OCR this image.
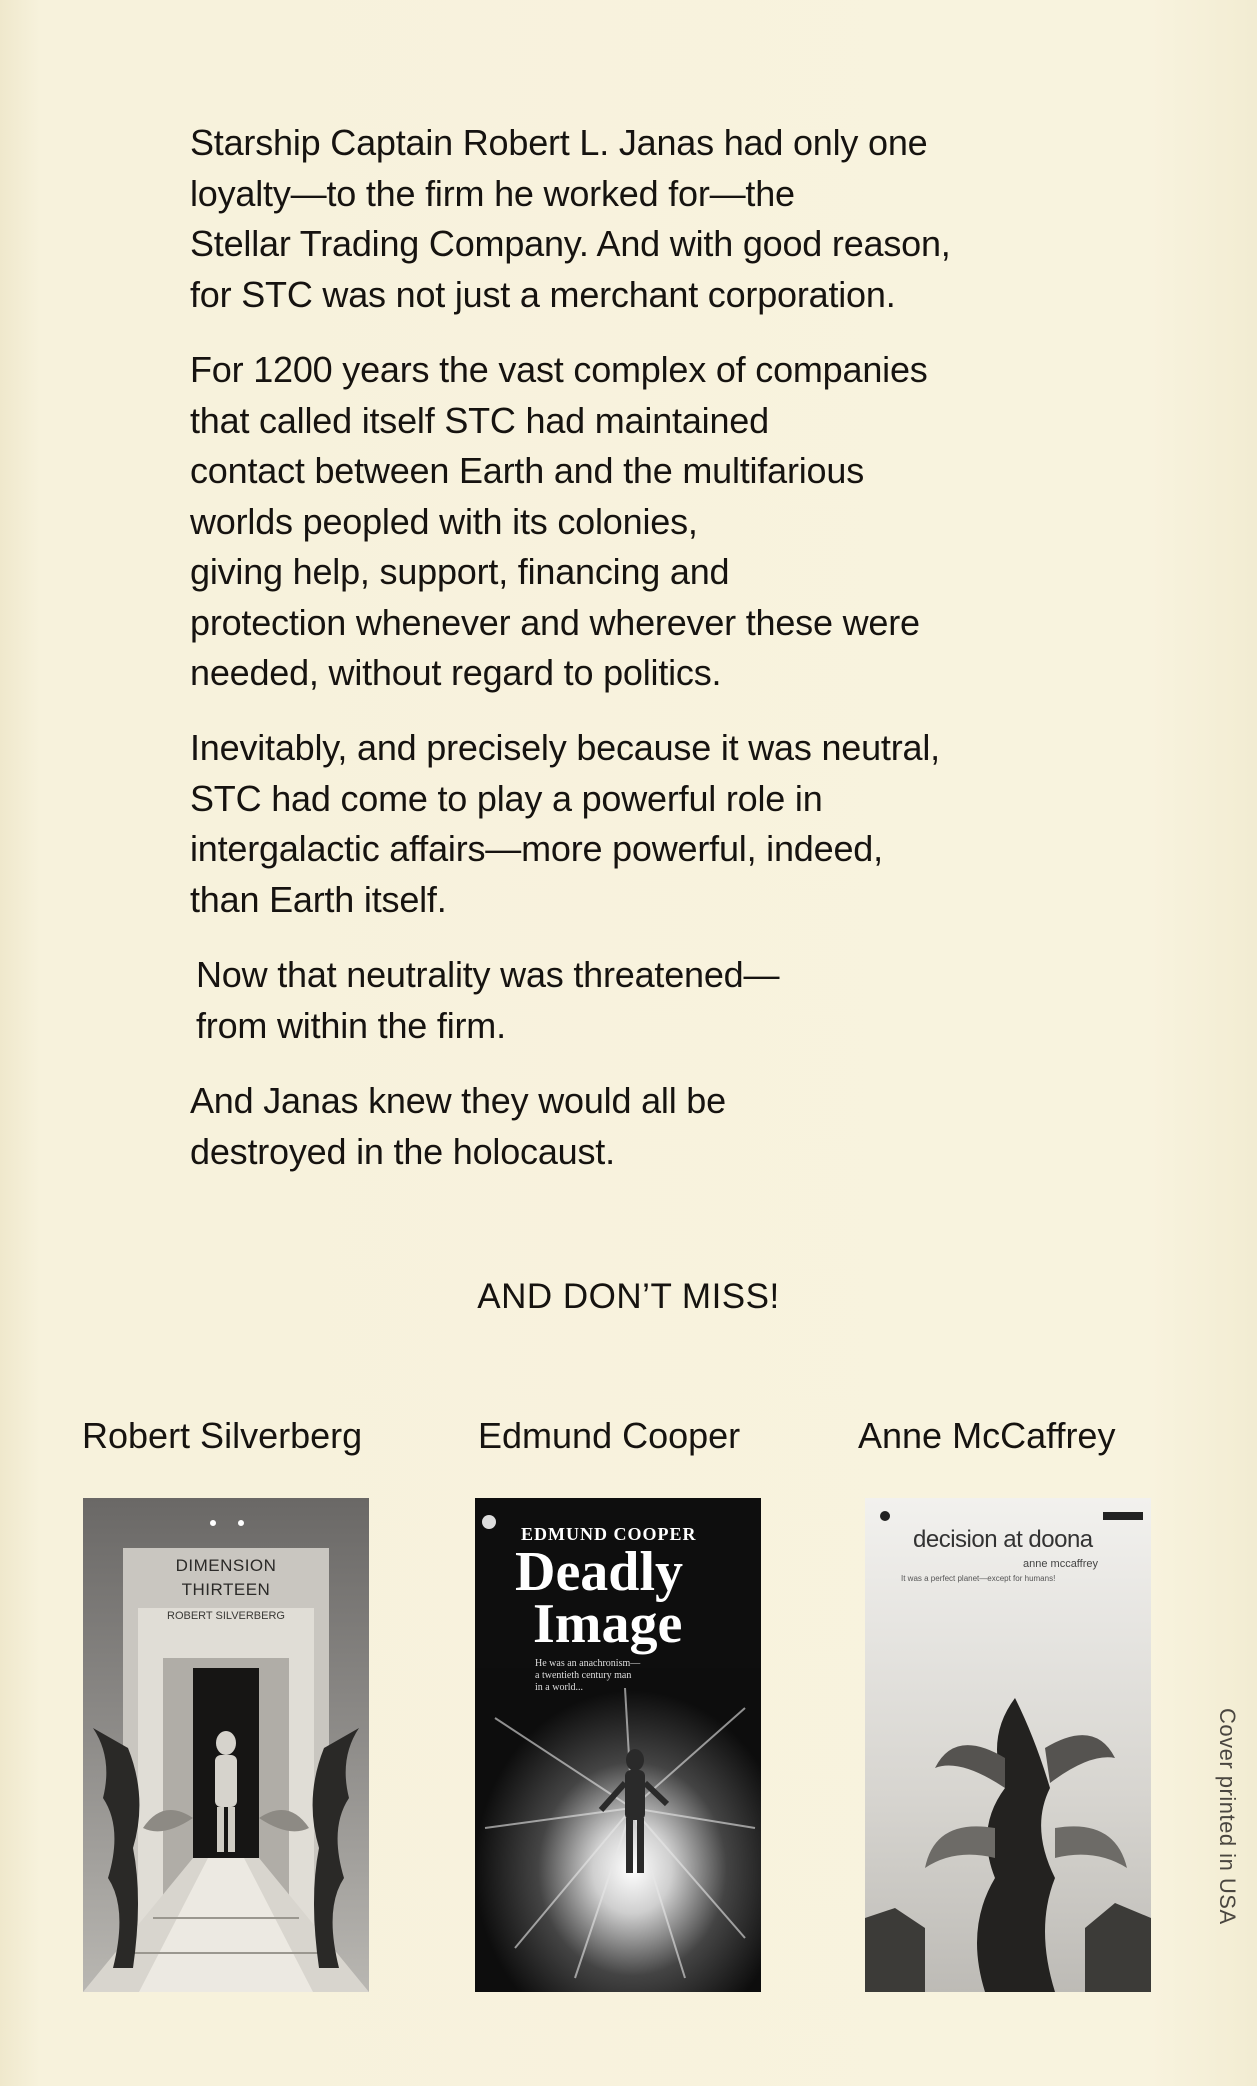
Starship Captain Robert L. Janas had only one
loyalty—to the firm he worked for—the
Stellar Trading Company. And with good reason,
for STC was not just a merchant corporation.
For 1200 years the vast complex of companies
that called itself STC had maintained
contact between Earth and the multifarious
worlds peopled with its colonies,
giving help, support, financing and
protection whenever and wherever these were
needed, without regard to politics.
Inevitably, and precisely because it was neutral,
STC had come to play a powerful role in
intergalactic affairs—more powerful, indeed,
than Earth itself.
Now that neutrality was threatened—
from within the firm.
And Janas knew they would all be
destroyed in the holocaust.
AND DON’T MISS!
Robert Silverberg	Edmund Cooper	Anne McCaffrey
DIMENSION
THIRTEEN
ROBERT SILVERBERG
EDMUND COOPER
Deadly
Image
He was an anachronism—
a twentieth century man
in a world...
decision at doona
anne mccaffrey
It was a perfect planet—except for humans!
Cover printed in USA
